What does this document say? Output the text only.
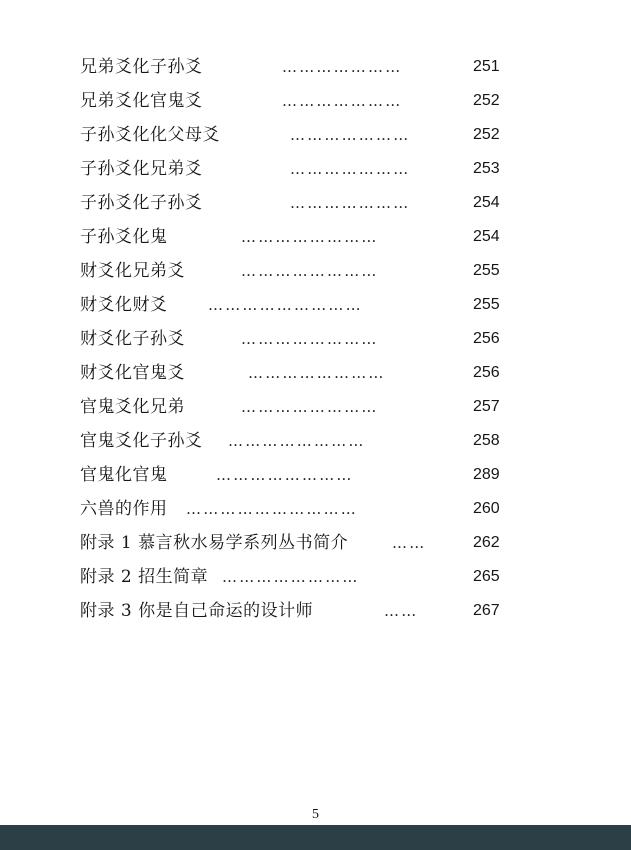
兄弟爻化子孙爻	…………………	251
兄弟爻化官鬼爻	…………………	252
子孙爻化化父母爻	…………………	252
子孙爻化兄弟爻	…………………	253
子孙爻化子孙爻	…………………	254
子孙爻化鬼	……………………	254
财爻化兄弟爻	……………………	255
财爻化财爻	………………………	255
财爻化子孙爻	……………………	256
财爻化官鬼爻	……………………	256
官鬼爻化兄弟	……………………	257
官鬼爻化子孙爻 ……………………	258
官鬼化官鬼	……………………	289
六兽的作用 …………………………	260
附录 1 慕言秋水易学系列丛书简介	……	262
附录 2 招生简章 ……………………	265
附录 3 你是自己命运的设计师	……	267
5
